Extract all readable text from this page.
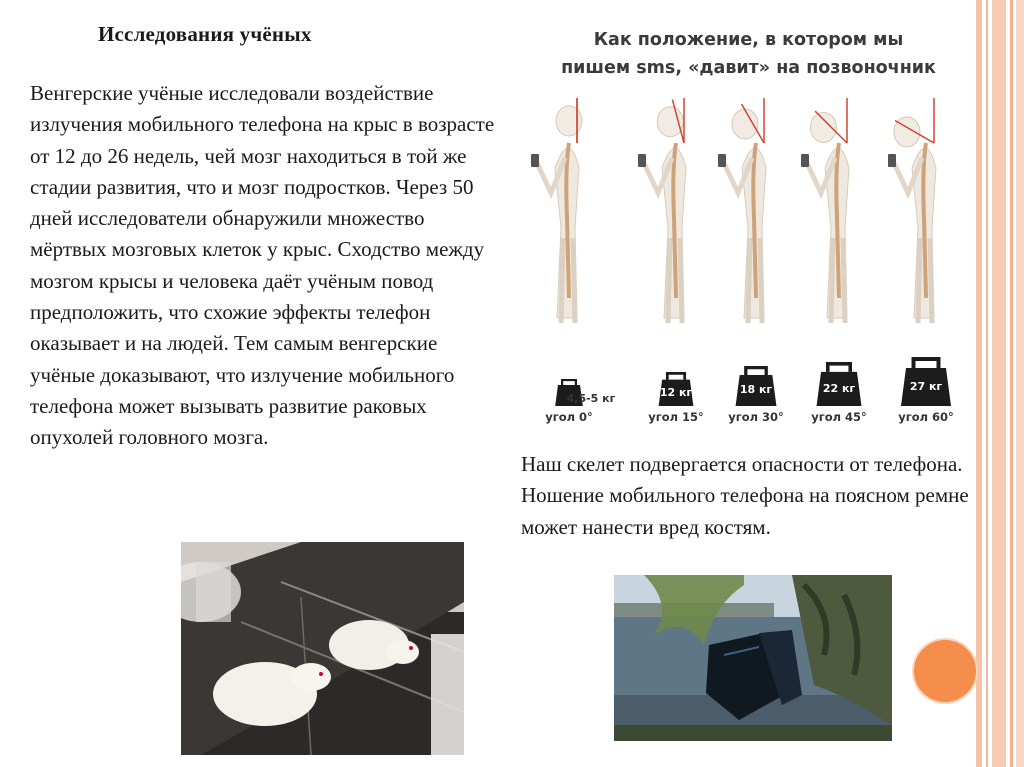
Исследования учёных

Венгерские учёные исследовали воздействие излучения мобильного телефона на крыс в возрасте от 12 до 26 недель, чей мозг находиться в той же стадии развития, что и мозг подростков. Через 50 дней исследователи обнаружили множество мёртвых мозговых клеток у крыс. Сходство между мозгом крысы и человека даёт учёным повод предположить, что схожие эффекты телефон оказывает и на людей. Тем самым венгерские учёные доказывают, что излучение мобильного телефона может вызывать развитие раковых опухолей головного мозга.

Как положение, в котором мы
пишем sms, «давит» на позвоночник
4,5-5 кг
угол 0°
12 кг
угол 15°
18 кг
угол 30°
22 кг
угол 45°
27 кг
угол 60°

Наш скелет подвергается опасности от телефона. Ношение мобильного телефона на поясном ремне может нанести вред костям.
